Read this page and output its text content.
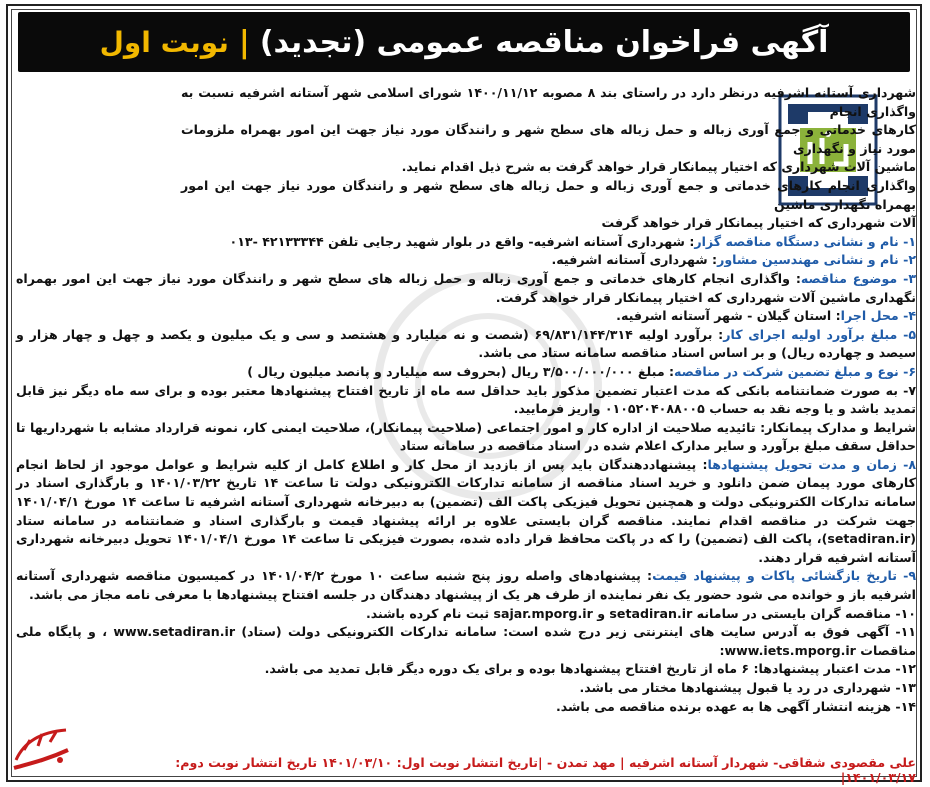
آگهی فراخوان مناقصه عمومی (تجدید)
|
نوبت اول

شهرداری آستانه اشرفیه درنظر دارد در راستای بند ۸ مصوبه ۱۴۰۰/۱۱/۱۲ شورای اسلامی شهر آستانه اشرفیه نسبت به واگذاری انجام

کارهای خدماتی و جمع آوری زباله و حمل زباله های سطح شهر و رانندگان مورد نیاز جهت این امور بهمراه ملزومات مورد نیاز و نگهداری

ماشین آلات شهرداری که اختیار پیمانکار قرار خواهد گرفت به شرح ذیل اقدام نماید.

واگذاری انجام کارهای خدماتی و جمع آوری زباله و حمل زباله های سطح شهر و رانندگان مورد نیاز جهت این امور بهمراه نگهداری ماشین

آلات شهرداری که اختیار پیمانکار قرار خواهد گرفت

۱- نام و نشانی دستگاه مناقصه گزار: شهرداری آستانه اشرفیه- واقع در بلوار شهید رجایی تلفن ۴۲۱۳۳۳۴۴ -۰۱۳

۲- نام و نشانی مهندسین مشاور: شهرداری آستانه اشرفیه.

۳- موضوع مناقصه: واگذاری انجام کارهای خدماتی و جمع آوری زباله و حمل زباله های سطح شهر و رانندگان مورد نیاز جهت این امور بهمراه نگهداری ماشین آلات شهرداری که اختیار پیمانکار قرار خواهد گرفت.

۴- محل اجرا: استان گیلان - شهر آستانه اشرفیه.

۵- مبلغ برآورد اولیه اجرای کار: برآورد اولیه ۶۹/۸۳۱/۱۴۴/۳۱۴ (شصت و نه میلیارد و هشتصد و سی و یک میلیون و یکصد و چهل و چهار هزار و سیصد و چهارده ریال) و بر اساس اسناد مناقصه سامانه ستاد می باشد.

۶- نوع و مبلغ تضمین شرکت در مناقصه: مبلغ ۳/۵۰۰/۰۰۰/۰۰۰ ریال (بحروف سه میلیارد و پانصد میلیون ریال )

۷- به صورت ضمانتنامه بانکی که مدت اعتبار تضمین مذکور باید حداقل سه ماه از تاریخ افتتاح پیشنهادها معتبر بوده و برای سه ماه دیگر نیز قابل تمدید باشد و یا وجه نقد به حساب ۰۱۰۵۲۰۴۰۸۸۰۰۵ واریز فرمایید.

شرایط و مدارک پیمانکار: تائیدیه صلاحیت از اداره کار و امور اجتماعی (صلاحیت پیمانکار)، صلاحیت ایمنی کار، نمونه قرارداد مشابه با شهرداریها تا حداقل سقف مبلغ برآورد و سایر مدارک اعلام شده در اسناد مناقصه در سامانه ستاد

۸- زمان و مدت تحویل پیشنهادها: پیشنهاددهندگان باید پس از بازدید از محل کار و اطلاع کامل از کلیه شرایط و عوامل موجود از لحاظ انجام کارهای مورد پیمان ضمن دانلود و خرید اسناد مناقصه از سامانه تدارکات الکترونیکی دولت تا ساعت ۱۴ تاریخ ۱۴۰۱/۰۳/۲۲ و بارگذاری اسناد در سامانه تدارکات الکترونیکی دولت و همچنین تحویل فیزیکی پاکت الف (تضمین) به دبیرخانه شهرداری آستانه اشرفیه تا ساعت ۱۴ مورخ ۱۴۰۱/۰۴/۱ جهت شرکت در مناقصه اقدام نمایند. مناقصه گران بایستی علاوه بر ارائه پیشنهاد قیمت و بارگذاری اسناد و ضمانتنامه در سامانه ستاد (setadiran.ir)، پاکت الف (تضمین) را که در پاکت محافظ قرار داده شده، بصورت فیزیکی تا ساعت ۱۴ مورخ ۱۴۰۱/۰۴/۱ تحویل دبیرخانه شهرداری آستانه اشرفیه قرار دهند.

۹- تاریخ بازگشائی پاکات و پیشنهاد قیمت: پیشنهادهای واصله روز پنج شنبه ساعت ۱۰ مورخ ۱۴۰۱/۰۴/۲ در کمیسیون مناقصه شهرداری آستانه اشرفیه باز و خوانده می شود حضور یک نفر نماینده از طرف هر یک از پیشنهاد دهندگان در جلسه افتتاح پیشنهادها با معرفی نامه مجاز می باشد.

۱۰- مناقصه گران بایستی در سامانه setadiran.ir و sajar.mporg.ir ثبت نام کرده باشند.

۱۱- آگهی فوق به آدرس سایت های اینترنتی زیر درج شده است: سامانه تدارکات الکترونیکی دولت (ستاد) www.setadiran.ir ، و پایگاه ملی مناقصات www.iets.mporg.ir:

۱۲- مدت اعتبار پیشنهادها: ۶ ماه از تاریخ افتتاح پیشنهادها بوده و برای یک دوره دیگر قابل تمدید می باشد.

۱۳- شهرداری در رد یا قبول پیشنهادها مختار می باشد.

۱۴- هزینه انتشار آگهی ها به عهده برنده مناقصه می باشد.

علی مقصودی شقاقی- شهردار آستانه اشرفیه | مهد تمدن - |تاریخ انتشار نوبت اول: ۱۴۰۱/۰۳/۱۰ تاریخ انتشار نوبت دوم: ۱۴۰۱/۰۳/۱۷|
